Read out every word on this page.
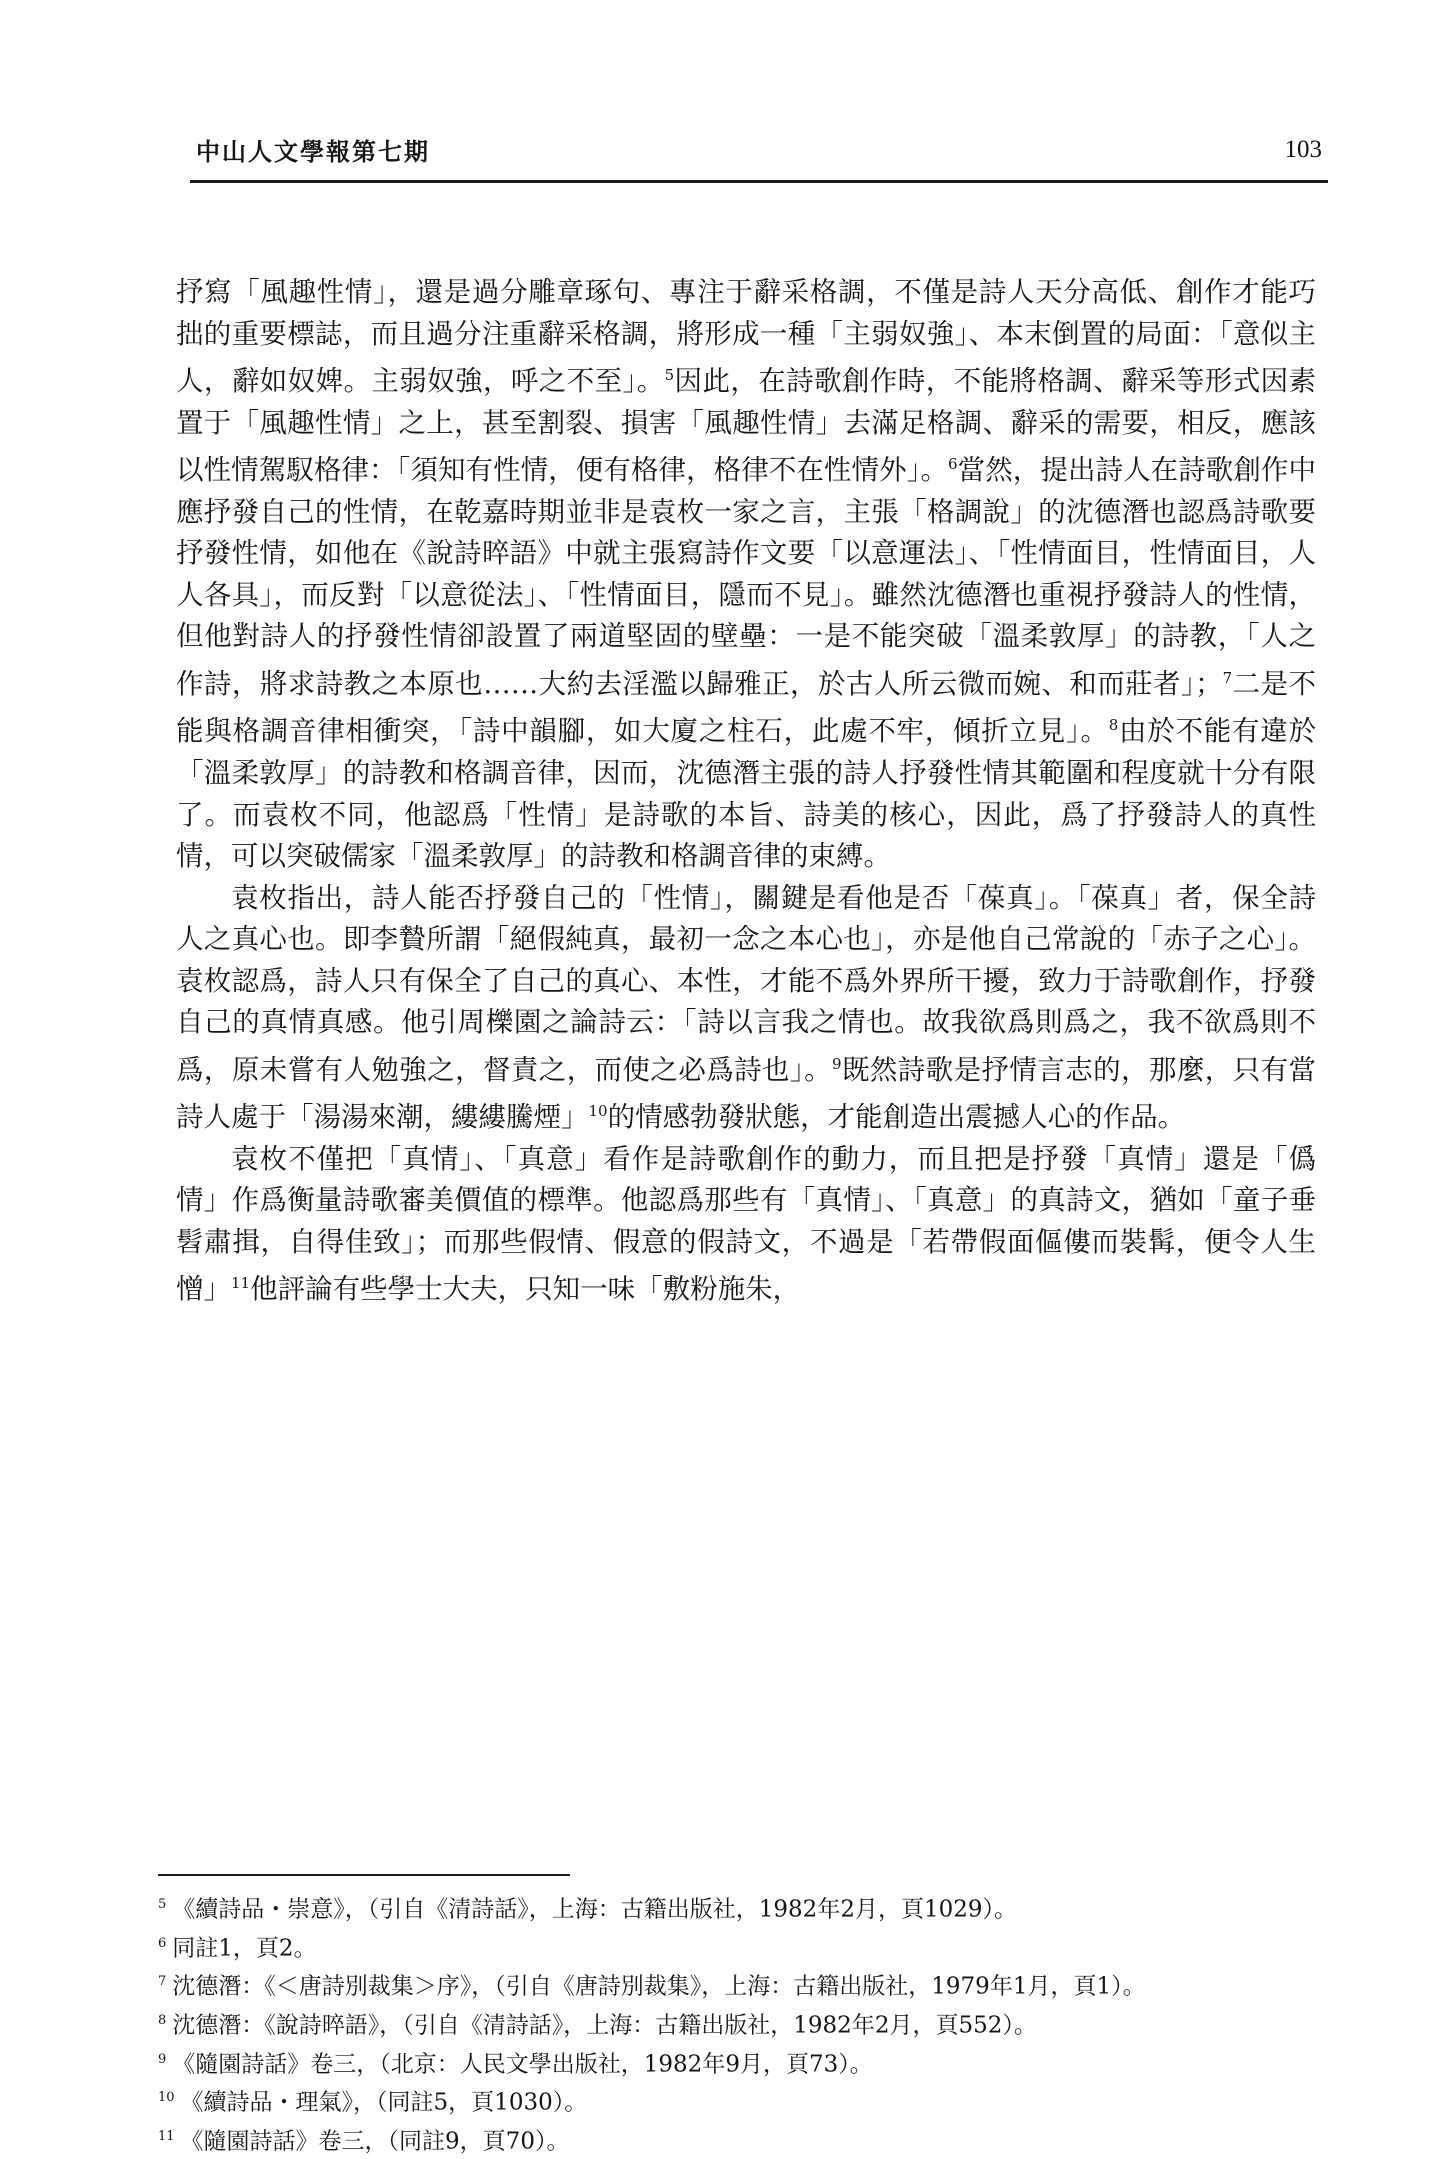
中山人文學報第七期	103

抒寫「風趣性情」，還是過分雕章琢句、專注于辭采格調，不僅是詩人天分高低、創作才能巧拙的重要標誌，而且過分注重辭采格調，將形成一種「主弱奴強」、本末倒置的局面：「意似主人，辭如奴婢。主弱奴強，呼之不至」。$^5$因此，在詩歌創作時，不能將格調、辭采等形式因素置于「風趣性情」之上，甚至割裂、損害「風趣性情」去滿足格調、辭采的需要，相反，應該以性情駕馭格律：「須知有性情，便有格律，格律不在性情外」。$^6$當然，提出詩人在詩歌創作中應抒發自己的性情，在乾嘉時期並非是袁枚一家之言，主張「格調說」的沈德潛也認爲詩歌要抒發性情，如他在《說詩晬語》中就主張寫詩作文要「以意運法」、「性情面目，性情面目，人人各具」，而反對「以意從法」、「性情面目，隱而不見」。雖然沈德潛也重視抒發詩人的性情，但他對詩人的抒發性情卻設置了兩道堅固的壁壘：一是不能突破「溫柔敦厚」的詩教，「人之作詩，將求詩教之本原也……大約去淫濫以歸雅正，於古人所云微而婉、和而莊者」；$^7$二是不能與格調音律相衝突，「詩中韻腳，如大廈之柱石，此處不牢，傾折立見」。$^8$由於不能有違於「溫柔敦厚」的詩教和格調音律，因而，沈德潛主張的詩人抒發性情其範圍和程度就十分有限了。而袁枚不同，他認爲「性情」是詩歌的本旨、詩美的核心，因此，爲了抒發詩人的真性情，可以突破儒家「溫柔敦厚」的詩教和格調音律的束縛。

袁枚指出，詩人能否抒發自己的「性情」，關鍵是看他是否「葆真」。「葆真」者，保全詩人之真心也。即李贄所謂「絕假純真，最初一念之本心也」，亦是他自己常說的「赤子之心」。袁枚認爲，詩人只有保全了自己的真心、本性，才能不爲外界所干擾，致力于詩歌創作，抒發自己的真情真感。他引周櫟園之論詩云：「詩以言我之情也。故我欲爲則爲之，我不欲爲則不爲，原未嘗有人勉強之，督責之，而使之必爲詩也」。$^9$既然詩歌是抒情言志的，那麼，只有當詩人處于「湯湯來潮，縷縷騰煙」$^{10}$的情感勃發狀態，才能創造出震撼人心的作品。

袁枚不僅把「真情」、「真意」看作是詩歌創作的動力，而且把是抒發「真情」還是「僞情」作爲衡量詩歌審美價值的標準。他認爲那些有「真情」、「真意」的真詩文，猶如「童子垂髫肅揖，自得佳致」；而那些假情、假意的假詩文，不過是「若帶假面傴僂而裝髯，便令人生憎」$^{11}$他評論有些學士大夫，只知一味「敷粉施朱，

$^5$ 《續詩品・崇意》，（引自《清詩話》，上海：古籍出版社，1982年2月，頁1029）。

$^6$ 同註1，頁2。

$^7$ 沈德潛：《＜唐詩別裁集＞序》，（引自《唐詩別裁集》，上海：古籍出版社，1979年1月，頁1）。

$^8$ 沈德潛：《說詩晬語》，（引自《清詩話》，上海：古籍出版社，1982年2月，頁552）。

$^9$ 《隨園詩話》卷三，（北京：人民文學出版社，1982年9月，頁73）。

$^{10}$ 《續詩品・理氣》，（同註5，頁1030）。

$^{11}$ 《隨園詩話》卷三，（同註9，頁70）。
